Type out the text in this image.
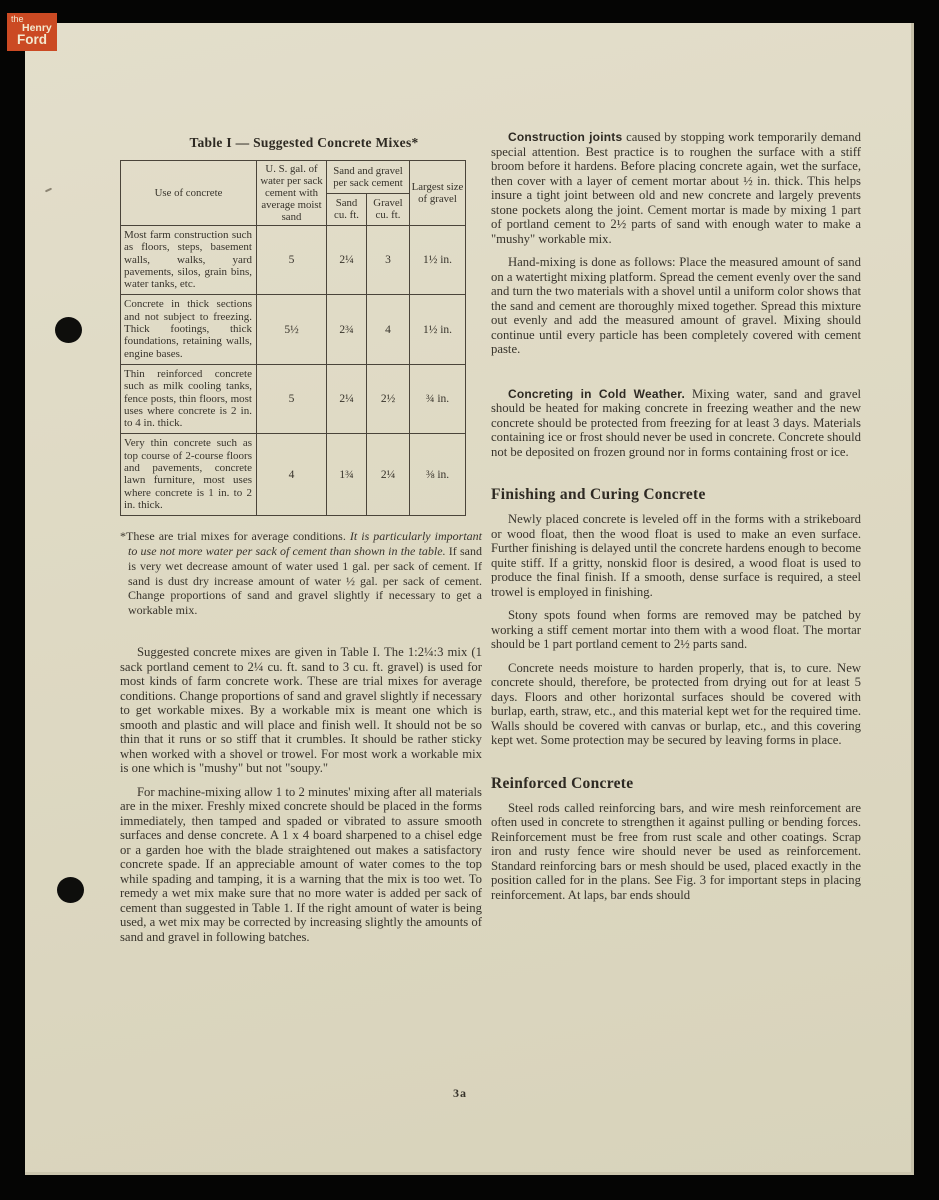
Table I — Suggested Concrete Mixes*
Use of concrete	U. S. gal. of water per sack cement with average moist sand	Sand and gravel per sack cement		Largest size of gravel
		Sand cu. ft.	Gravel cu. ft.	
Most farm construction such as floors, steps, basement walls, walks, yard pavements, silos, grain bins, water tanks, etc.	5	2¼	3	1½ in.
Concrete in thick sections and not subject to freezing. Thick footings, thick foundations, retaining walls, engine bases.	5½	2¾	4	1½ in.
Thin reinforced concrete such as milk cooling tanks, fence posts, thin floors, most uses where concrete is 2 in. to 4 in. thick.	5	2¼	2½	¾ in.
Very thin concrete such as top course of 2-course floors and pavements, concrete lawn furniture, most uses where concrete is 1 in. to 2 in. thick.	4	1¾	2¼	⅜ in.

*These are trial mixes for average conditions. It is particularly important to use not more water per sack of cement than shown in the table. If sand is very wet decrease amount of water used 1 gal. per sack of cement. If sand is dust dry increase amount of water ½ gal. per sack of cement. Change proportions of sand and gravel slightly if necessary to get a workable mix.

Suggested concrete mixes are given in Table I. The 1:2¼:3 mix (1 sack portland cement to 2¼ cu. ft. sand to 3 cu. ft. gravel) is used for most kinds of farm concrete work. These are trial mixes for average conditions. Change proportions of sand and gravel slightly if necessary to get workable mixes. By a workable mix is meant one which is smooth and plastic and will place and finish well. It should not be so thin that it runs or so stiff that it crumbles. It should be rather sticky when worked with a shovel or trowel. For most work a workable mix is one which is "mushy" but not "soupy."

For machine-mixing allow 1 to 2 minutes' mixing after all materials are in the mixer. Freshly mixed concrete should be placed in the forms immediately, then tamped and spaded or vibrated to assure smooth surfaces and dense concrete. A 1 x 4 board sharpened to a chisel edge or a garden hoe with the blade straightened out makes a satisfactory concrete spade. If an appreciable amount of water comes to the top while spading and tamping, it is a warning that the mix is too wet. To remedy a wet mix make sure that no more water is added per sack of cement than suggested in Table 1. If the right amount of water is being used, a wet mix may be corrected by increasing slightly the amounts of sand and gravel in following batches.

Construction joints caused by stopping work temporarily demand special attention. Best practice is to roughen the surface with a stiff broom before it hardens. Before placing concrete again, wet the surface, then cover with a layer of cement mortar about ½ in. thick. This helps insure a tight joint between old and new concrete and largely prevents stone pockets along the joint. Cement mortar is made by mixing 1 part of portland cement to 2½ parts of sand with enough water to make a "mushy" workable mix.

Hand-mixing is done as follows: Place the measured amount of sand on a watertight mixing platform. Spread the cement evenly over the sand and turn the two materials with a shovel until a uniform color shows that the sand and cement are thoroughly mixed together. Spread this mixture out evenly and add the measured amount of gravel. Mixing should continue until every particle has been completely covered with cement paste.

Concreting in Cold Weather. Mixing water, sand and gravel should be heated for making concrete in freezing weather and the new concrete should be protected from freezing for at least 3 days. Materials containing ice or frost should never be used in concrete. Concrete should not be deposited on frozen ground nor in forms containing frost or ice.

Finishing and Curing Concrete

Newly placed concrete is leveled off in the forms with a strikeboard or wood float, then the wood float is used to make an even surface. Further finishing is delayed until the concrete hardens enough to become quite stiff. If a gritty, nonskid floor is desired, a wood float is used to produce the final finish. If a smooth, dense surface is required, a steel trowel is employed in finishing.

Stony spots found when forms are removed may be patched by working a stiff cement mortar into them with a wood float. The mortar should be 1 part portland cement to 2½ parts sand.

Concrete needs moisture to harden properly, that is, to cure. New concrete should, therefore, be protected from drying out for at least 5 days. Floors and other horizontal surfaces should be covered with burlap, earth, straw, etc., and this material kept wet for the required time. Walls should be covered with canvas or burlap, etc., and this covering kept wet. Some protection may be secured by leaving forms in place.

Reinforced Concrete

Steel rods called reinforcing bars, and wire mesh reinforcement are often used in concrete to strengthen it against pulling or bending forces. Reinforcement must be free from rust scale and other coatings. Scrap iron and rusty fence wire should never be used as reinforcement. Standard reinforcing bars or mesh should be used, placed exactly in the position called for in the plans. See Fig. 3 for important steps in placing reinforcement. At laps, bar ends should

3a
the
Henry
Ford
